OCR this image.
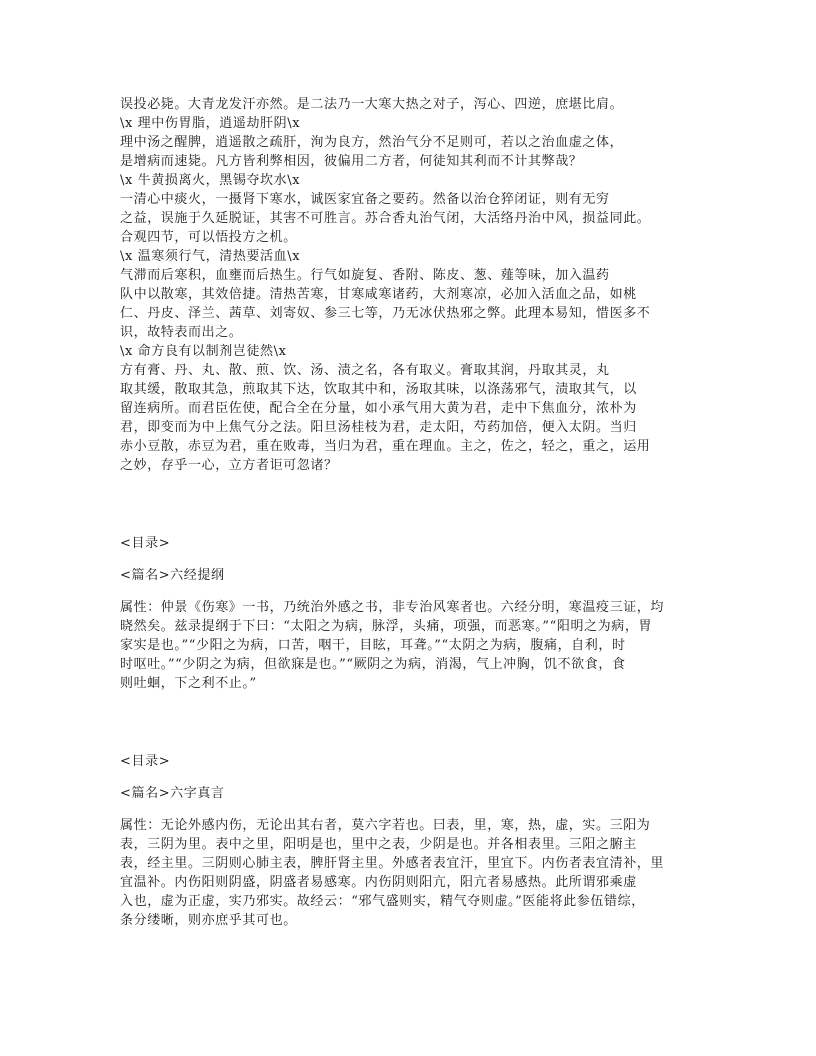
误投必毙。大青龙发汗亦然。是二法乃一大寒大热之对子，泻心、四逆，庶堪比肩。
\x 理中伤胃脂，逍遥劫肝阴\x
理中汤之醒脾，逍遥散之疏肝，洵为良方，然治气分不足则可，若以之治血虚之体，
是增病而速毙。凡方皆利弊相因，彼偏用二方者，何徒知其利而不计其弊哉？
\x 牛黄损离火，黑锡夺坎水\x
一清心中痰火，一摄肾下寒水，诚医家宜备之要药。然备以治仓猝闭证，则有无穷
之益，误施于久延脱证，其害不可胜言。苏合香丸治气闭，大活络丹治中风，损益同此。
合观四节，可以悟投方之机。
\x 温寒须行气，清热要活血\x
气滞而后寒积，血壅而后热生。行气如旋复、香附、陈皮、葱、薤等味，加入温药
队中以散寒，其效倍捷。清热苦寒，甘寒咸寒诸药，大剂寒凉，必加入活血之品，如桃
仁、丹皮、泽兰、茜草、刘寄奴、参三七等，乃无冰伏热邪之弊。此理本易知，惜医多不
识，故特表而出之。
\x 命方良有以制剂岂徒然\x
方有膏、丹、丸、散、煎、饮、汤、渍之名，各有取义。膏取其润，丹取其灵，丸
取其缓，散取其急，煎取其下达，饮取其中和，汤取其味，以涤荡邪气，渍取其气，以
留连病所。而君臣佐使，配合全在分量，如小承气用大黄为君，走中下焦血分，浓朴为
君，即变而为中上焦气分之法。阳旦汤桂枝为君，走太阳，芍药加倍，便入太阴。当归
赤小豆散，赤豆为君，重在败毒，当归为君，重在理血。主之，佐之，轻之，重之，运用
之妙，存乎一心，立方者讵可忽诸？
<目录>
<篇名>六经提纲
属性：仲景《伤寒》一书，乃统治外感之书，非专治风寒者也。六经分明，寒温疫三证，均
晓然矣。兹录提纲于下曰：“太阳之为病，脉浮，头痛，项强，而恶寒。”“阳明之为病，胃
家实是也。”“少阳之为病，口苦，咽干，目眩，耳聋。”“太阴之为病，腹痛，自利，时
时呕吐。”“少阴之为病，但欲寐是也。”“厥阴之为病，消渴，气上冲胸，饥不欲食，食
则吐蛔，下之利不止。”
<目录>
<篇名>六字真言
属性：无论外感内伤，无论出其右者，莫六字若也。曰表，里，寒，热，虚，实。三阳为
表，三阴为里。表中之里，阳明是也，里中之表，少阴是也。并各相表里。三阳之腑主
表，经主里。三阴则心肺主表，脾肝肾主里。外感者表宜汗，里宜下。内伤者表宜清补，里
宜温补。内伤阳则阴盛，阴盛者易感寒。内伤阴则阳亢，阳亢者易感热。此所谓邪乘虚
入也，虚为正虚，实乃邪实。故经云：“邪气盛则实，精气夺则虚。”医能将此参伍错综，
条分缕晰，则亦庶乎其可也。
